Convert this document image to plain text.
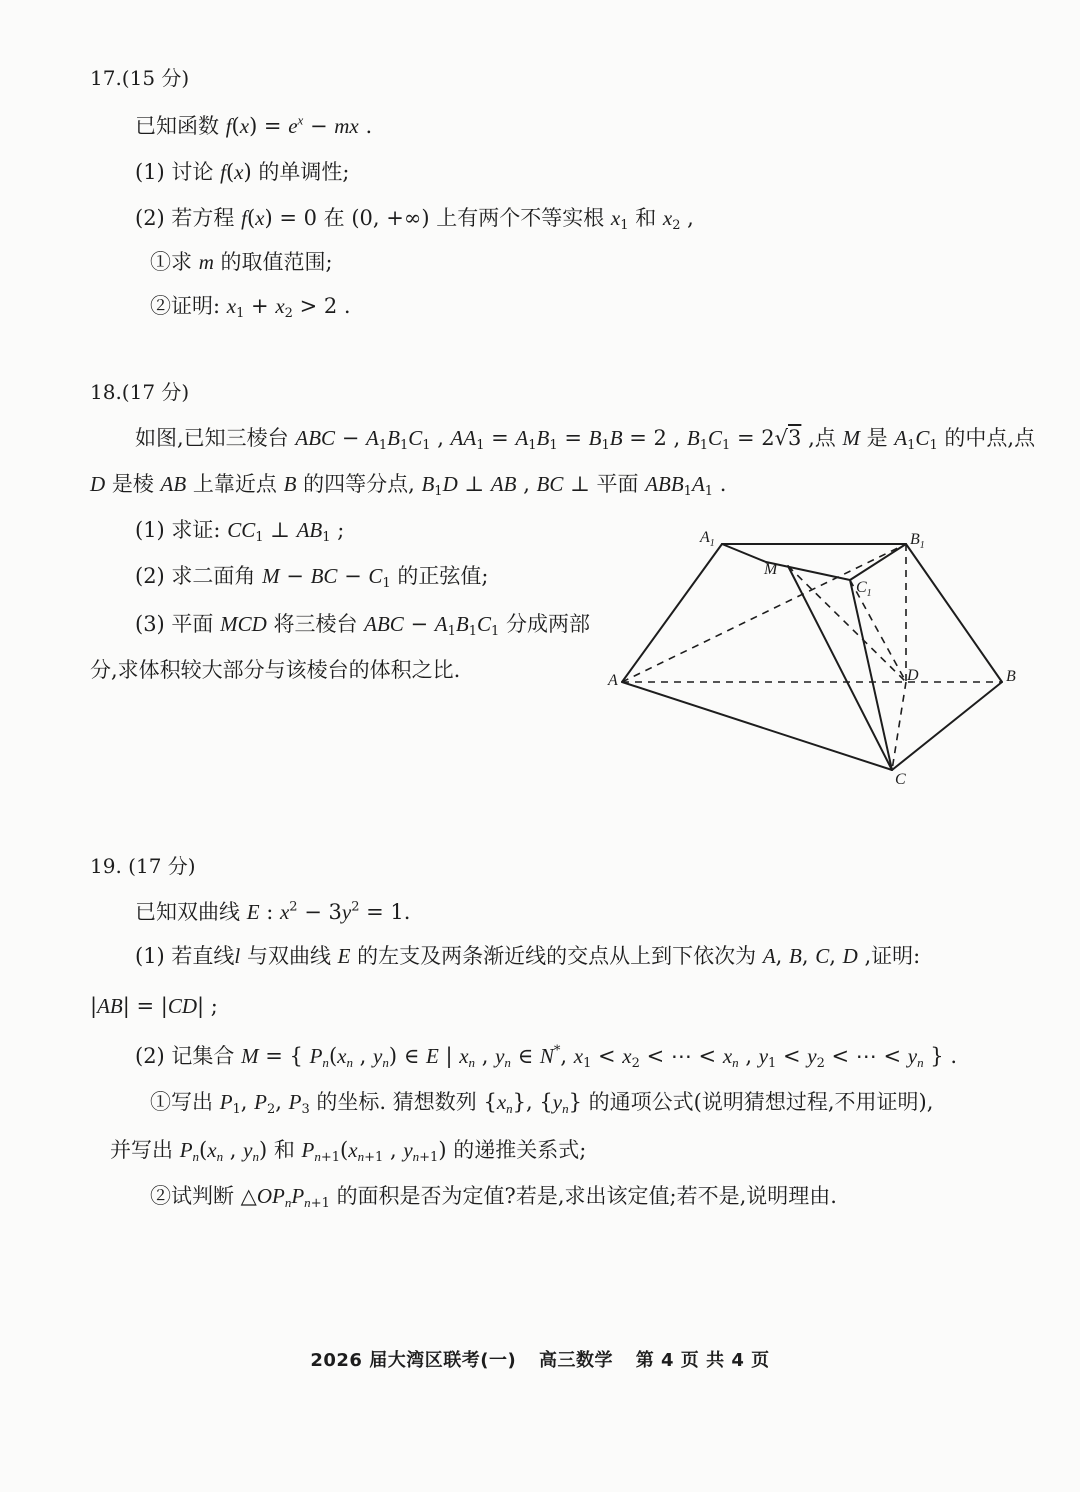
17.(15 分)
已知函数 $f(x) = e^x$ − mx .
(1) 讨论 f(x) 的单调性;
(2) 若方程 f(x) = 0 在 (0, +∞) 上有两个不等实根 $x_1$ 和 $x_2$ ,
①求 m 的取值范围;
②证明: $x_1 + x_2 > 2$ .
18.(17 分)
如图,已知三棱台 ABC − $A_1B_1C_1$ , $AA_1 = A_1B_1 = B_1B = 2$ , $B_1C_1 = 2√3$ ,点 M 是 $A_1C_1$ 的中点,点
D 是棱 AB 上靠近点 B 的四等分点, $B_1D$ ⊥ AB , BC ⊥ 平面 $ABB_1A_1$ .
(1) 求证: $CC_1$ ⊥ $AB_1$ ;
(2) 求二面角 M − BC − $C_1$ 的正弦值;
(3) 平面 MCD 将三棱台 ABC − $A_1B_1C_1$ 分成两部
分,求体积较大部分与该棱台的体积之比.
$A_1$	$B_1$
M
$C_1$
A	B
D
C
19. (17 分)
已知双曲线 E : $x^2 - 3y^2 = 1$.
(1) 若直线l 与双曲线 E 的左支及两条渐近线的交点从上到下依次为 A, B, C, D ,证明:
|AB| = |CD| ;
(2) 记集合 M = { $P_n(x_n$ , $y_n$) ∈ E | $x_n$ , $y_n$ ∈ N*, $x_1 < x_2$ < ⋯ < $x_n$ , $y_1 < y_2$ < ⋯ < $y_n$ } .
①写出 $P_1$, $P_2$, $P_3$ 的坐标. 猜想数列 $\{x_n\}$, $\{y_n\}$ 的通项公式(说明猜想过程,不用证明),
并写出 $P_n(x_n$ , $y_n$) 和 $P_{n+1}(x_{n+1}$ , $y_{n+1}$) 的递推关系式;
②试判断 $\triangle OP_nP_{n+1}$ 的面积是否为定值?若是,求出该定值;若不是,说明理由.
2026 届大湾区联考(一) 高三数学 第 4 页 共 4 页
